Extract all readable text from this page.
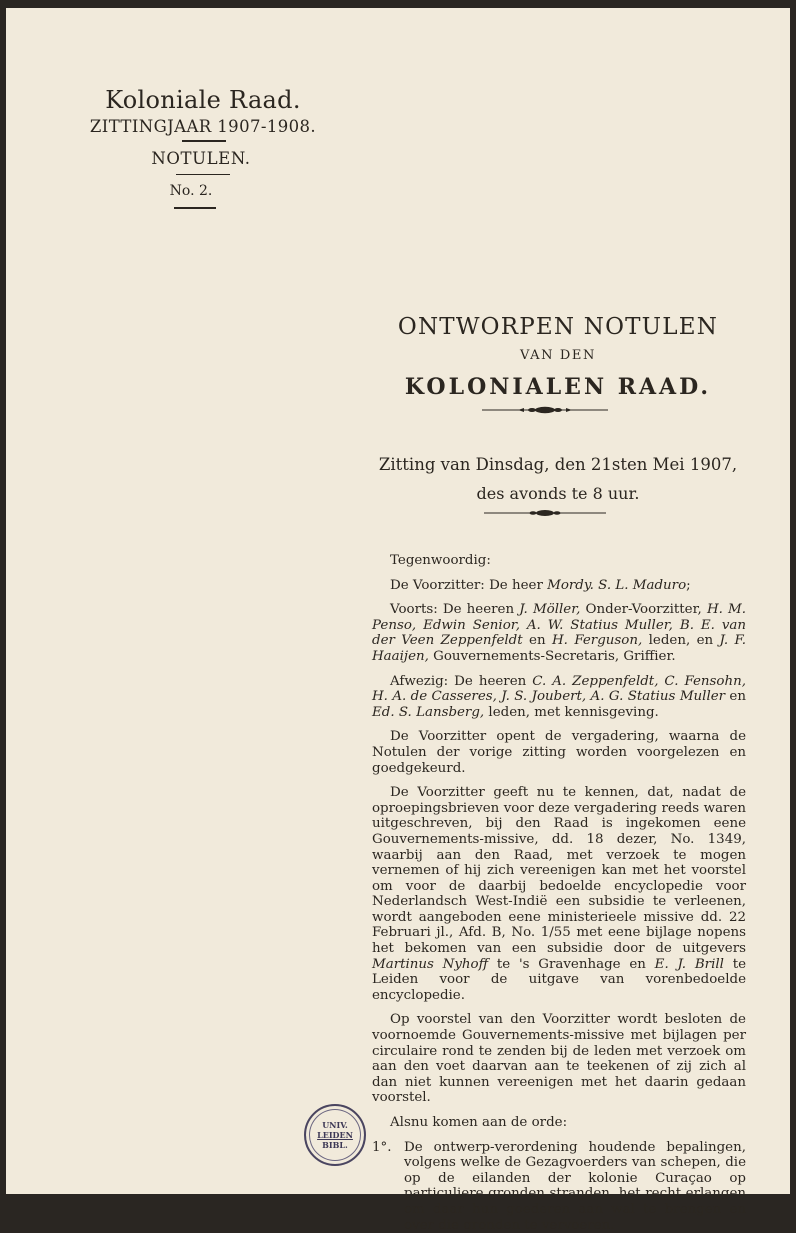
Koloniale Raad.
ZITTINGJAAR 1907-1908.
NOTULEN.
No. 2.
ONTWORPEN NOTULEN
VAN DEN
KOLONIALEN RAAD.
Zitting van Dinsdag, den 21sten Mei 1907,
des avonds te 8 uur.

Tegenwoordig:

De Voorzitter: De heer Mordy. S. L. Maduro;

Voorts: De heeren J. Möller, Onder-Voorzitter, H. M. Penso, Edwin Senior, A. W. Statius Muller, B. E. van der Veen Zeppenfeldt en H. Ferguson, leden, en J. F. Haaijen, Gouvernements-Secretaris, Griffier.

Afwezig: De heeren C. A. Zeppenfeldt, C. Fensohn, H. A. de Casseres, J. S. Joubert, A. G. Statius Muller en Ed. S. Lansberg, leden, met kennisgeving.

De Voorzitter opent de vergadering, waarna de Notulen der vorige zitting worden voorgelezen en goedgekeurd.

De Voorzitter geeft nu te kennen, dat, nadat de oproepingsbrieven voor deze vergadering reeds waren uitgeschreven, bij den Raad is ingekomen eene Gouvernements-missive, dd. 18 dezer, No. 1349, waarbij aan den Raad, met verzoek te mogen vernemen of hij zich vereenigen kan met het voorstel om voor de daarbij bedoelde encyclopedie voor Nederlandsch West-Indië een subsidie te verleenen, wordt aangeboden eene ministerieele missive dd. 22 Februari jl., Afd. B, No. 1/55 met eene bijlage nopens het bekomen van een subsidie door de uitgevers Martinus Nyhoff te 's Gravenhage en E. J. Brill te Leiden voor de uitgave van vorenbedoelde encyclopedie.

Op voorstel van den Voorzitter wordt besloten de voornoemde Gouvernements-missive met bijlagen per circulaire rond te zenden bij de leden met verzoek om aan den voet daarvan aan te teekenen of zij zich al dan niet kunnen vereenigen met het daarin gedaan voorstel.

Alsnu komen aan de orde:

1°. De ontwerp-verordening houdende bepalingen, volgens welke de Gezagvoerders van schepen, die op de eilanden der kolonie Curaçao op particuliere gronden stranden, het recht erlangen om daar hun goederen aan wal te brengen en over die gronden te vervoeren.
UNIV.
LEIDEN
BIBL.
